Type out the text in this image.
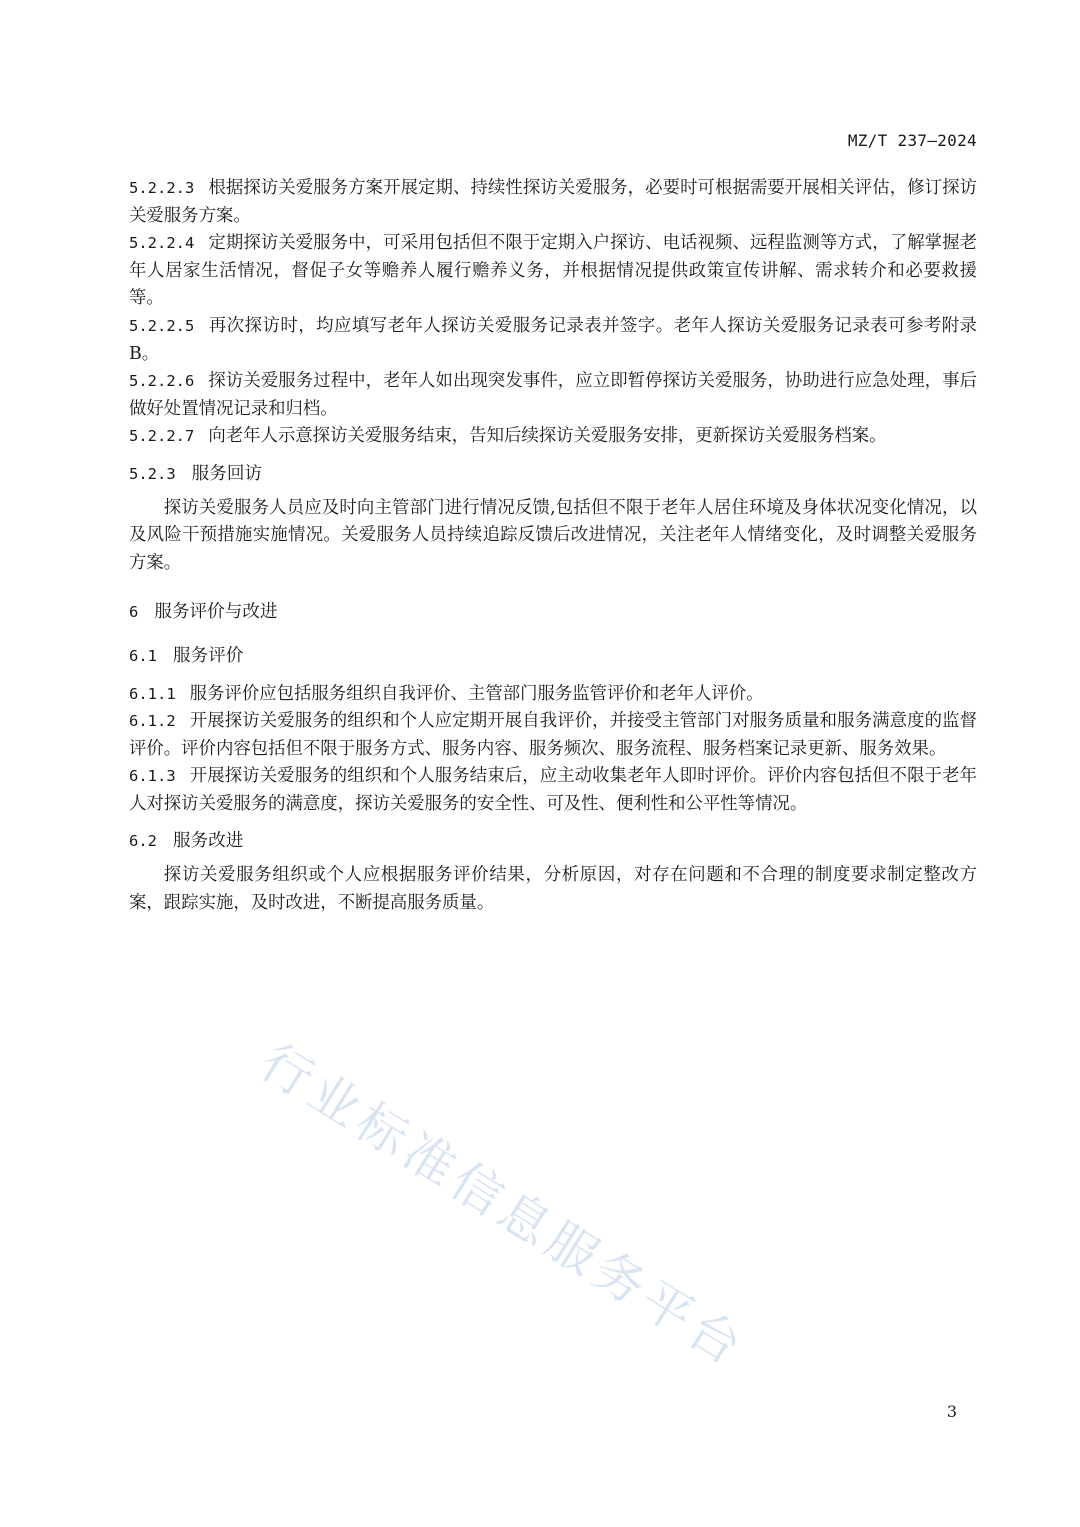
MZ/T 237—2024

5.2.2.3 根据探访关爱服务方案开展定期、持续性探访关爱服务，必要时可根据需要开展相关评估，修订探访关爱服务方案。

5.2.2.4 定期探访关爱服务中，可采用包括但不限于定期入户探访、电话视频、远程监测等方式，了解掌握老年人居家生活情况，督促子女等赡养人履行赡养义务，并根据情况提供政策宣传讲解、需求转介和必要救援等。

5.2.2.5 再次探访时，均应填写老年人探访关爱服务记录表并签字。老年人探访关爱服务记录表可参考附录 B。

5.2.2.6 探访关爱服务过程中，老年人如出现突发事件，应立即暂停探访关爱服务，协助进行应急处理，事后做好处置情况记录和归档。

5.2.2.7 向老年人示意探访关爱服务结束，告知后续探访关爱服务安排，更新探访关爱服务档案。

5.2.3 服务回访

探访关爱服务人员应及时向主管部门进行情况反馈,包括但不限于老年人居住环境及身体状况变化情况，以及风险干预措施实施情况。关爱服务人员持续追踪反馈后改进情况，关注老年人情绪变化，及时调整关爱服务方案。

6 服务评价与改进
6.1 服务评价

6.1.1 服务评价应包括服务组织自我评价、主管部门服务监管评价和老年人评价。

6.1.2 开展探访关爱服务的组织和个人应定期开展自我评价，并接受主管部门对服务质量和服务满意度的监督评价。评价内容包括但不限于服务方式、服务内容、服务频次、服务流程、服务档案记录更新、服务效果。

6.1.3 开展探访关爱服务的组织和个人服务结束后，应主动收集老年人即时评价。评价内容包括但不限于老年人对探访关爱服务的满意度，探访关爱服务的安全性、可及性、便利性和公平性等情况。

6.2 服务改进

探访关爱服务组织或个人应根据服务评价结果，分析原因，对存在问题和不合理的制度要求制定整改方案，跟踪实施，及时改进，不断提高服务质量。

行业标准信息服务平台
3
